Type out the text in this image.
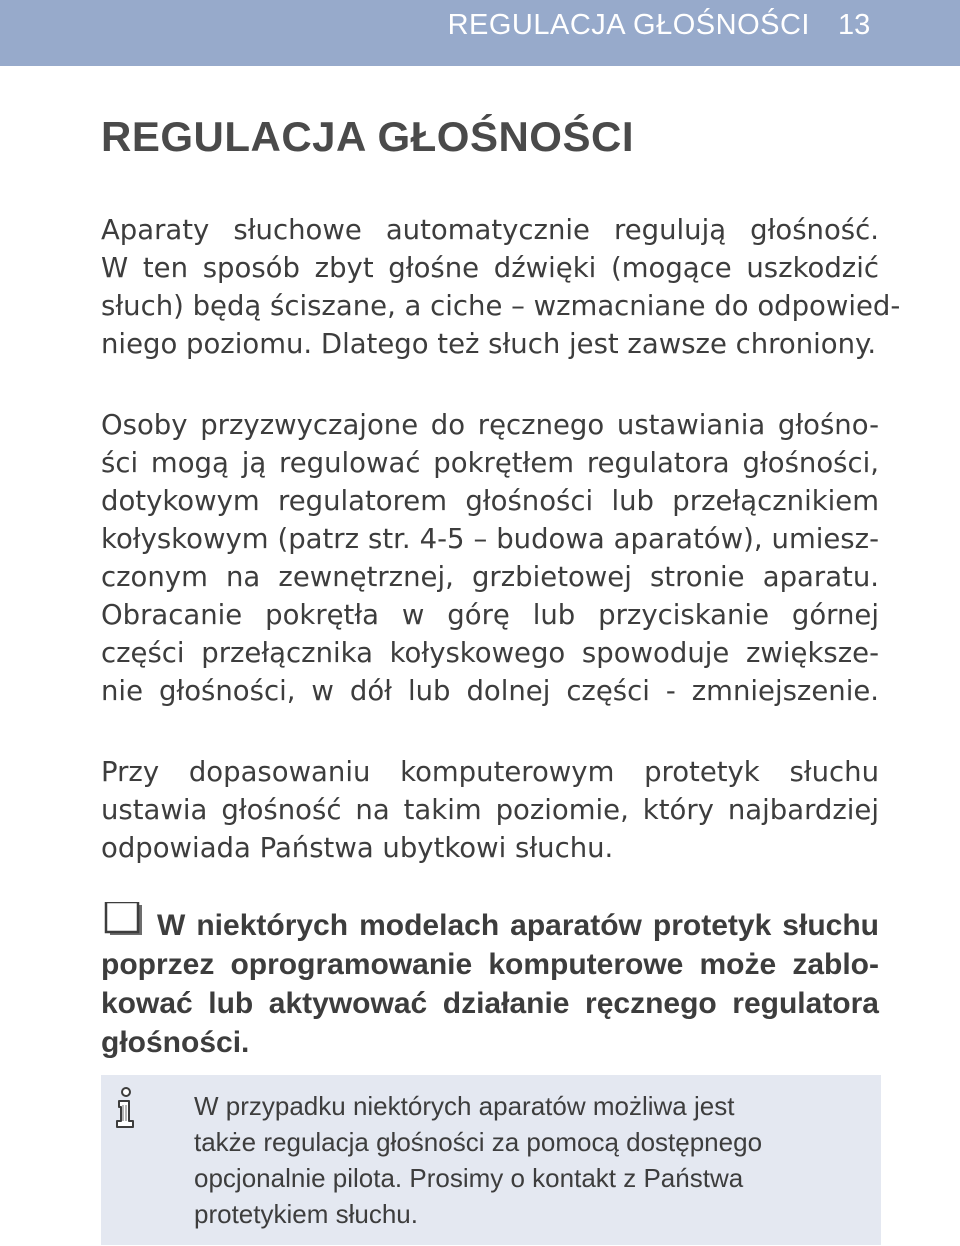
REGULACJA GŁOŚNOŚCI 13
REGULACJA GŁOŚNOŚCI
Aparaty słuchowe automatycznie regulują głośność.
W ten sposób zbyt głośne dźwięki (mogące uszkodzić
słuch) będą ściszane, a ciche – wzmacniane do odpowied-
niego poziomu. Dlatego też słuch jest zawsze chroniony.
Osoby przyzwyczajone do ręcznego ustawiania głośno-
ści mogą ją regulować pokrętłem regulatora głośności,
dotykowym regulatorem głośności lub przełącznikiem
kołyskowym (patrz str. 4-5 – budowa aparatów), umiesz-
czonym na zewnętrznej, grzbietowej stronie aparatu.
Obracanie pokrętła w górę lub przyciskanie górnej
części przełącznika kołyskowego spowoduje zwiększe-
nie głośności, w dół lub dolnej części - zmniejszenie.
Przy dopasowaniu komputerowym protetyk słuchu
ustawia głośność na takim poziomie, który najbardziej
odpowiada Państwa ubytkowi słuchu.
W niektórych modelach aparatów protetyk słuchu
poprzez oprogramowanie komputerowe może zablo-
kować lub aktywować działanie ręcznego regulatora
głośności.
W przypadku niektórych aparatów możliwa jest
także regulacja głośności za pomocą dostępnego
opcjonalnie pilota. Prosimy o kontakt z Państwa
protetykiem słuchu.
